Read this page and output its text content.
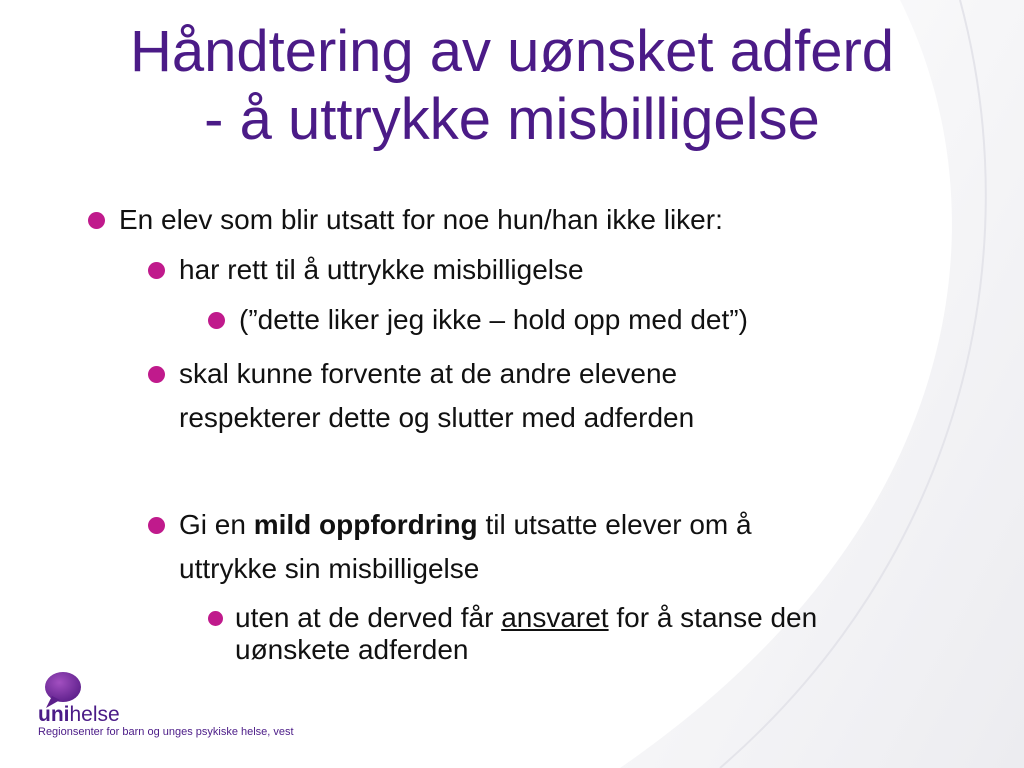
Håndtering av uønsket adferd
- å uttrykke misbilligelse
En elev som blir utsatt for noe hun/han ikke liker:
har rett til å uttrykke misbilligelse
(”dette liker jeg ikke – hold opp med det”)
skal kunne forvente at de andre elevene
respekterer dette og slutter med adferden
Gi en mild oppfordring til utsatte elever om å
uttrykke sin misbilligelse
uten at de derved får ansvaret for å stanse den
uønskete adferden
unihelse
Regionsenter for barn og unges psykiske helse, vest
